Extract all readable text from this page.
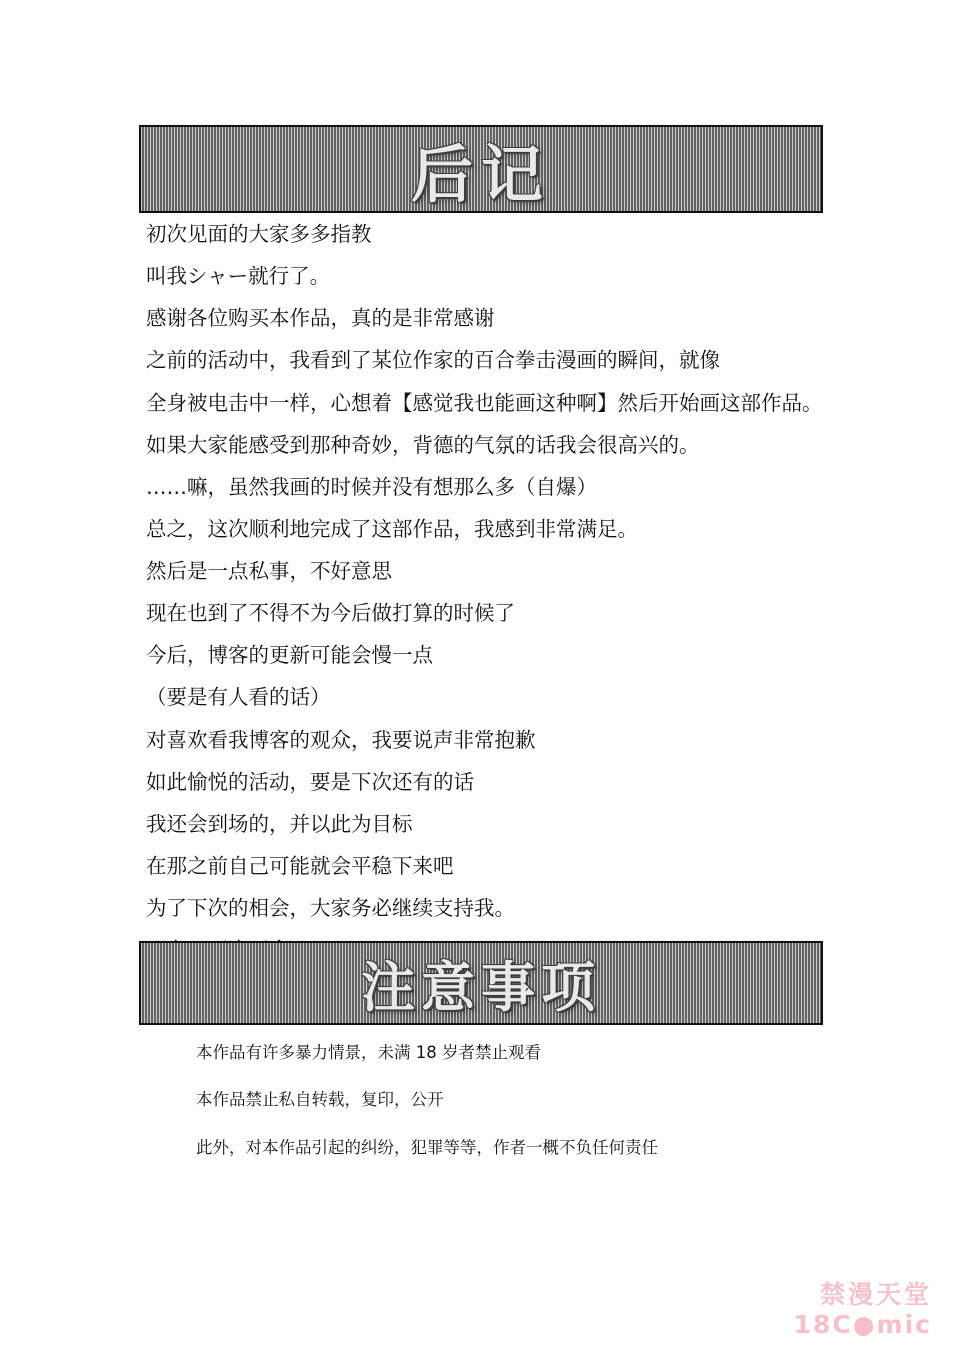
后记

初次见面的大家多多指教

叫我シャー就行了。

感谢各位购买本作品，真的是非常感谢

之前的活动中，我看到了某位作家的百合拳击漫画的瞬间，就像

全身被电击中一样，心想着【感觉我也能画这种啊】然后开始画这部作品。

如果大家能感受到那种奇妙，背德的气氛的话我会很高兴的。

……嘛，虽然我画的时候并没有想那么多（自爆）

总之，这次顺利地完成了这部作品，我感到非常满足。

然后是一点私事，不好意思

现在也到了不得不为今后做打算的时候了

今后，博客的更新可能会慢一点

（要是有人看的话）

对喜欢看我博客的观众，我要说声非常抱歉

如此愉悦的活动，要是下次还有的话

我还会到场的，并以此为目标

在那之前自己可能就会平稳下来吧

为了下次的相会，大家务必继续支持我。

注意事项

本作品有许多暴力情景，未满 18 岁者禁止观看

本作品禁止私自转载，复印，公开

此外，对本作品引起的纠纷，犯罪等等，作者一概不负任何责任

禁漫天堂
18C●mic
